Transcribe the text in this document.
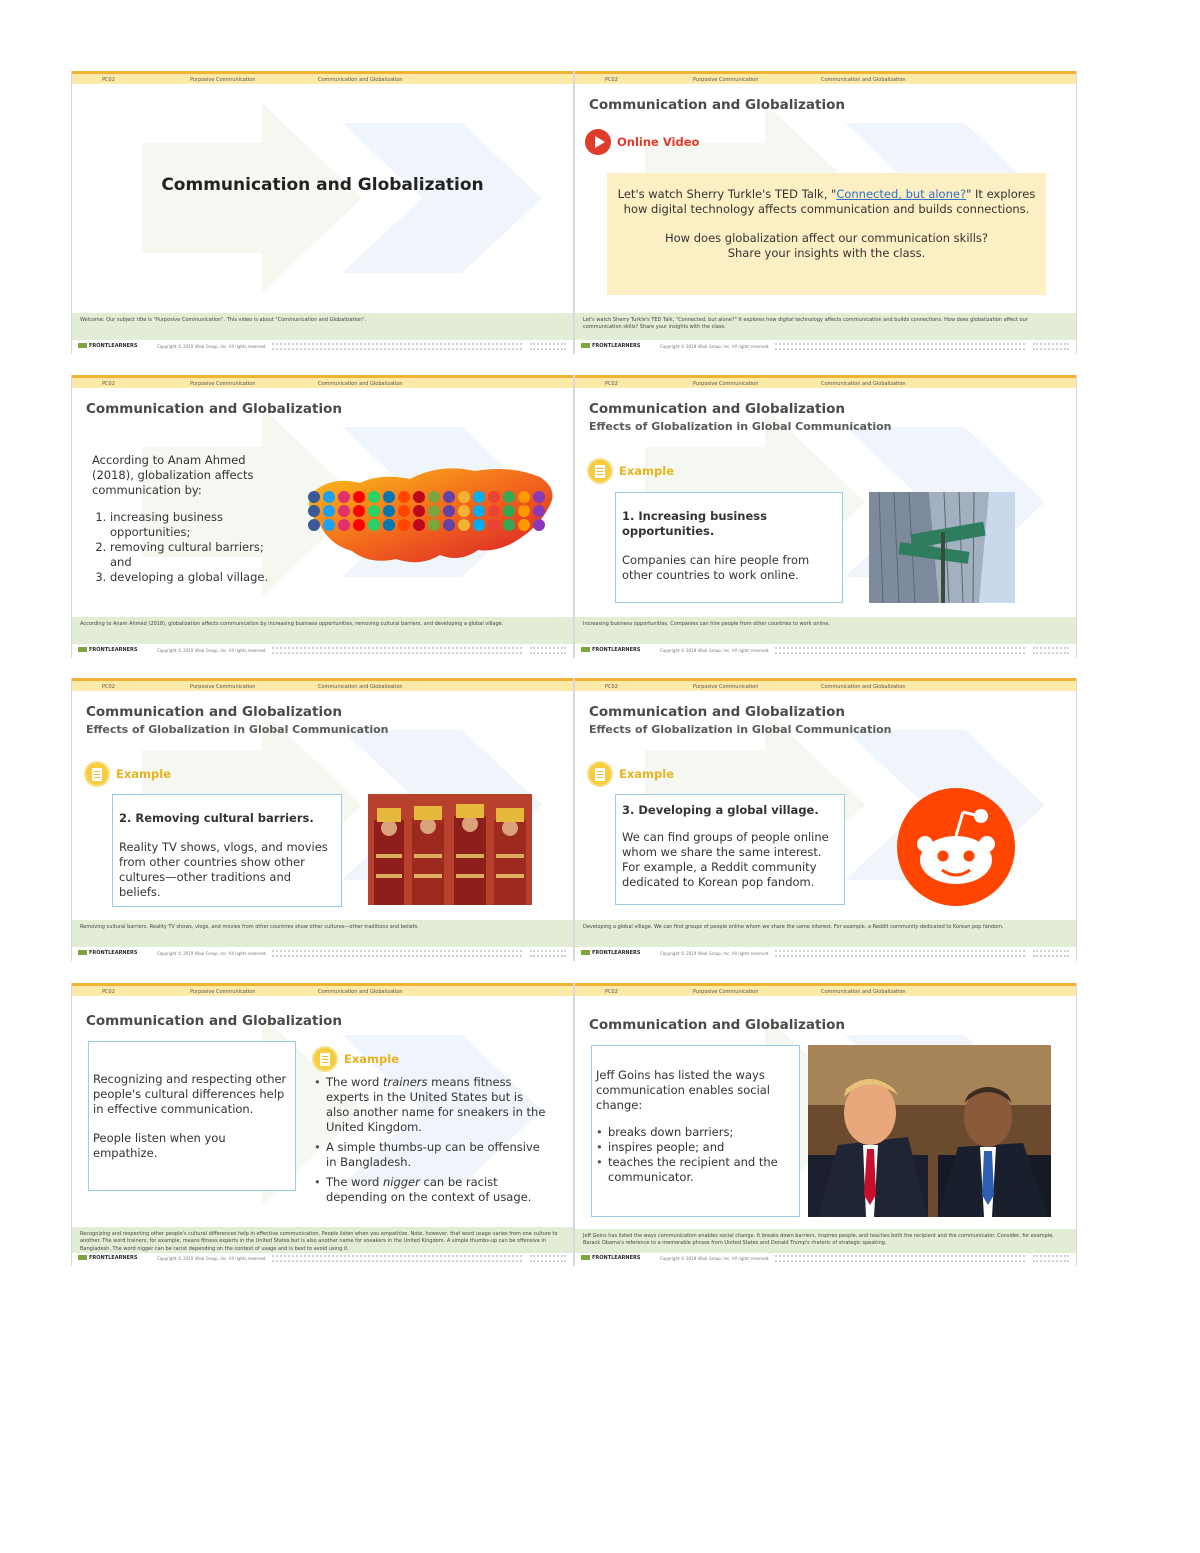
PC02	Purposive Communication	Communication and Globalization
Communication and Globalization
Welcome: Our subject title is "Purposive Communication". This video is about "Communication and Globalization".
FRONTLEARNERS	Copyright © 2019 Vibal Group, Inc. All rights reserved.
PC02	Purposive Communication	Communication and Globalization
Communication and Globalization
Online Video
Let's watch Sherry Turkle's TED Talk, "Connected, but alone?" It explores how digital technology affects communication and builds connections.
How does globalization affect our communication skills? Share your insights with the class.
Let's watch Sherry Turkle's TED Talk, "Connected, but alone?" It explores how digital technology affects communication and builds connections. How does globalization affect our communication skills? Share your insights with the class.
FRONTLEARNERS	Copyright © 2019 Vibal Group, Inc. All rights reserved.
PC02	Purposive Communication	Communication and Globalization
Communication and Globalization
According to Anam Ahmed (2018), globalization affects communication by:
1. increasing business opportunities;
2. removing cultural barriers; and
3. developing a global village.
According to Anam Ahmed (2018), globalization affects communication by increasing business opportunities, removing cultural barriers, and developing a global village.
FRONTLEARNERS	Copyright © 2019 Vibal Group, Inc. All rights reserved.
PC02	Purposive Communication	Communication and Globalization
Communication and Globalization
Effects of Globalization in Global Communication
Example
1. Increasing business opportunities.
Companies can hire people from other countries to work online.
Increasing business opportunities. Companies can hire people from other countries to work online.
FRONTLEARNERS	Copyright © 2019 Vibal Group, Inc. All rights reserved.
PC02	Purposive Communication	Communication and Globalization
Communication and Globalization
Effects of Globalization in Global Communication
Example
2. Removing cultural barriers.
Reality TV shows, vlogs, and movies from other countries show other cultures—other traditions and beliefs.
Removing cultural barriers. Reality TV shows, vlogs, and movies from other countries show other cultures—other traditions and beliefs.
FRONTLEARNERS	Copyright © 2019 Vibal Group, Inc. All rights reserved.
PC02	Purposive Communication	Communication and Globalization
Communication and Globalization
Effects of Globalization in Global Communication
Example
3. Developing a global village.
We can find groups of people online whom we share the same interest. For example, a Reddit community dedicated to Korean pop fandom.
Developing a global village. We can find groups of people online whom we share the same interest. For example, a Reddit community dedicated to Korean pop fandom.
FRONTLEARNERS	Copyright © 2019 Vibal Group, Inc. All rights reserved.
PC02	Purposive Communication	Communication and Globalization
Communication and Globalization
Recognizing and respecting other people's cultural differences help in effective communication.
People listen when you empathize.
Example
• The word trainers means fitness experts in the United States but is also another name for sneakers in the United Kingdom.
• A simple thumbs-up can be offensive in Bangladesh.
• The word nigger can be racist depending on the context of usage.
Recognizing and respecting other people's cultural differences help in effective communication. People listen when you empathize. Note, however, that word usage varies from one culture to another. The word trainers, for example, means fitness experts in the United States but is also another name for sneakers in the United Kingdom. A simple thumbs-up can be offensive in Bangladesh. The word nigger can be racist depending on the context of usage and is best to avoid using it.
FRONTLEARNERS	Copyright © 2019 Vibal Group, Inc. All rights reserved.
PC02	Purposive Communication	Communication and Globalization
Communication and Globalization
Jeff Goins has listed the ways communication enables social change:
• breaks down barriers;
• inspires people; and
• teaches the recipient and the communicator.
Jeff Goins has listed the ways communication enables social change. It breaks down barriers, inspires people, and teaches both the recipient and the communicator. Consider, for example, Barack Obama's reference to a memorable phrase from United States and Donald Trump's rhetoric of strategic speaking.
FRONTLEARNERS	Copyright © 2019 Vibal Group, Inc. All rights reserved.
